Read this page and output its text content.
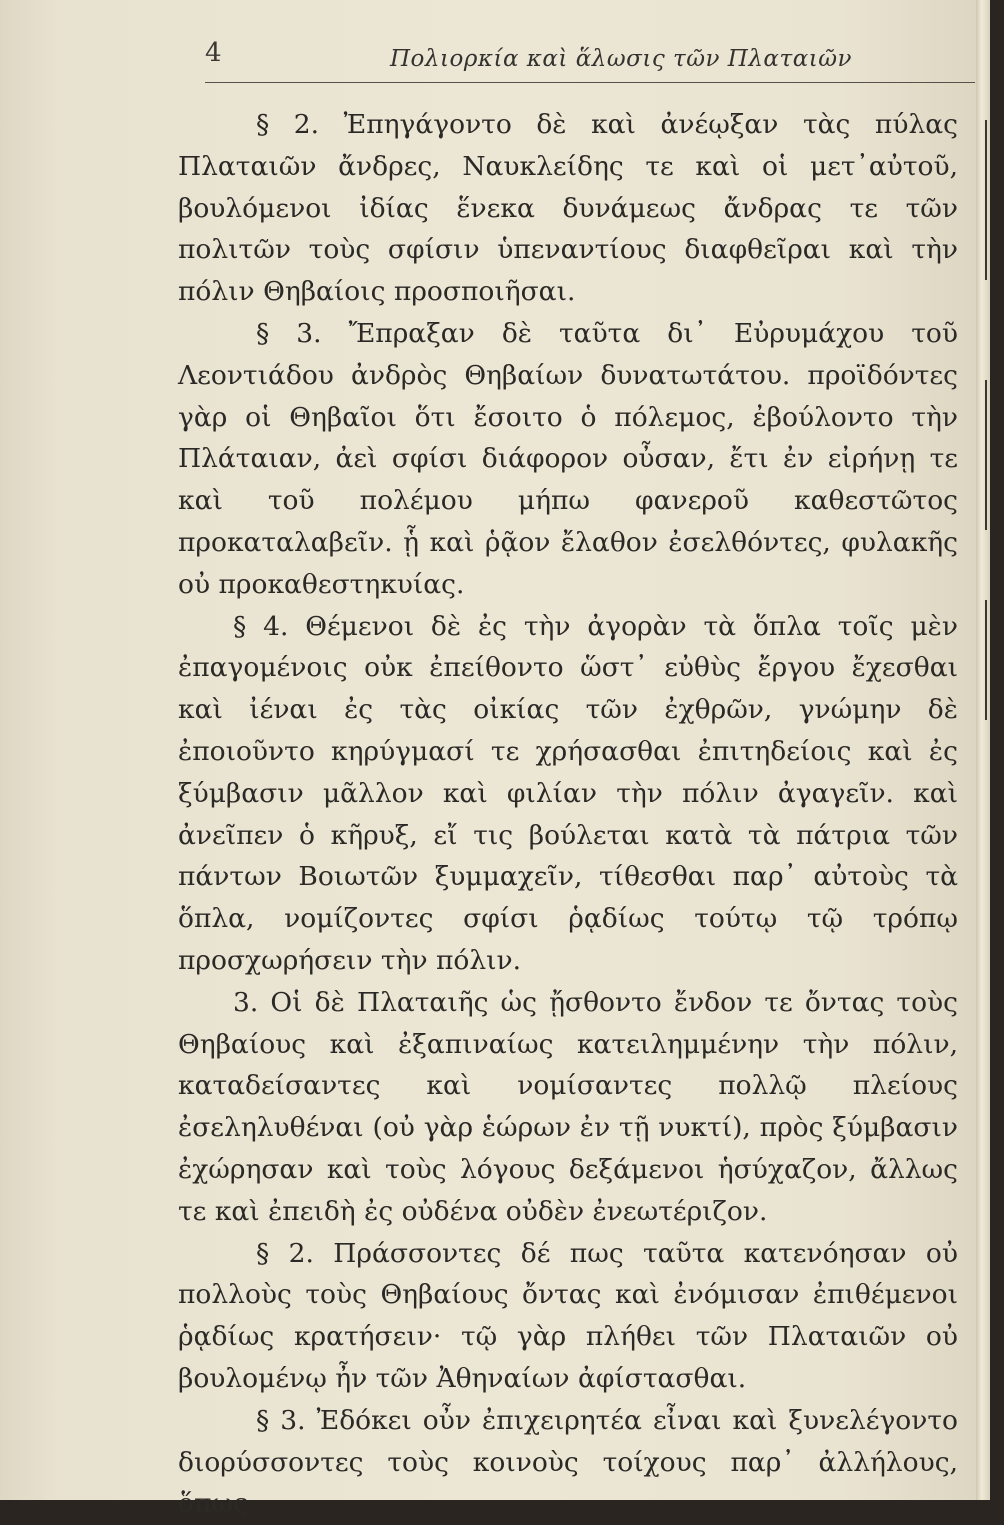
4	Πολιορκία καὶ ἅλωσις τῶν Πλαταιῶν

§ 2. Ἐπηγάγοντο δὲ καὶ ἀνέῳξαν τὰς πύλας Πλαταιῶν ἄνδρες, Ναυκλείδης τε καὶ οἱ μετ᾽αὐτοῦ, βουλόμενοι ἰδίας ἕνεκα δυνάμεως ἄνδρας τε τῶν πολιτῶν τοὺς σφίσιν ὑπεναντίους διαφθεῖραι καὶ τὴν πόλιν Θηβαίοις προσποιῆσαι.

§ 3. Ἔπραξαν δὲ ταῦτα δι᾽ Εὐρυμάχου τοῦ Λεοντιάδου ἀνδρὸς Θηβαίων δυνατωτάτου. προϊδόντες γὰρ οἱ Θηβαῖοι ὅτι ἔσοιτο ὁ πόλεμος, ἐβούλοντο τὴν Πλάταιαν, ἀεὶ σφίσι διάφορον οὖσαν, ἔτι ἐν εἰρήνῃ τε καὶ τοῦ πολέμου μήπω φανεροῦ καθεστῶτος προκαταλαβεῖν. ᾗ καὶ ῥᾷον ἔλαθον ἐσελθόντες, φυλακῆς οὐ προκαθεστηκυίας.

§ 4. Θέμενοι δὲ ἐς τὴν ἀγορὰν τὰ ὅπλα τοῖς μὲν ἐπαγομένοις οὐκ ἐπείθοντο ὥστ᾽ εὐθὺς ἔργου ἔχεσθαι καὶ ἰέναι ἐς τὰς οἰκίας τῶν ἐχθρῶν, γνώμην δὲ ἐποιοῦντο κηρύγμασί τε χρήσασθαι ἐπιτηδείοις καὶ ἐς ξύμβασιν μᾶλλον καὶ φιλίαν τὴν πόλιν ἀγαγεῖν. καὶ ἀνεῖπεν ὁ κῆρυξ, εἴ τις βούλεται κατὰ τὰ πάτρια τῶν πάντων Βοιωτῶν ξυμμαχεῖν, τίθεσθαι παρ᾽ αὐτοὺς τὰ ὅπλα, νομίζοντες σφίσι ῥᾳδίως τούτῳ τῷ τρόπῳ προσχωρήσειν τὴν πόλιν.

3. Οἱ δὲ Πλαταιῆς ὡς ᾔσθοντο ἔνδον τε ὄντας τοὺς Θηβαίους καὶ ἐξαπιναίως κατειλημμένην τὴν πόλιν, καταδείσαντες καὶ νομίσαντες πολλῷ πλείους ἐσεληλυθέναι (οὐ γὰρ ἑώρων ἐν τῇ νυκτί), πρὸς ξύμβασιν ἐχώρησαν καὶ τοὺς λόγους δεξάμενοι ἡσύχαζον, ἄλλως τε καὶ ἐπειδὴ ἐς οὐδένα οὐδὲν ἐνεωτέριζον.

§ 2. Πράσσοντες δέ πως ταῦτα κατενόησαν οὐ πολλοὺς τοὺς Θηβαίους ὄντας καὶ ἐνόμισαν ἐπιθέμενοι ῥᾳδίως κρατήσειν· τῷ γὰρ πλήθει τῶν Πλαταιῶν οὐ βουλομένῳ ἦν τῶν Ἀθηναίων ἀφίστασθαι.

§ 3. Ἐδόκει οὖν ἐπιχειρητέα εἶναι καὶ ξυνελέγοντο διορύσσοντες τοὺς κοινοὺς τοίχους παρ᾽ ἀλλήλους, ὅπως
